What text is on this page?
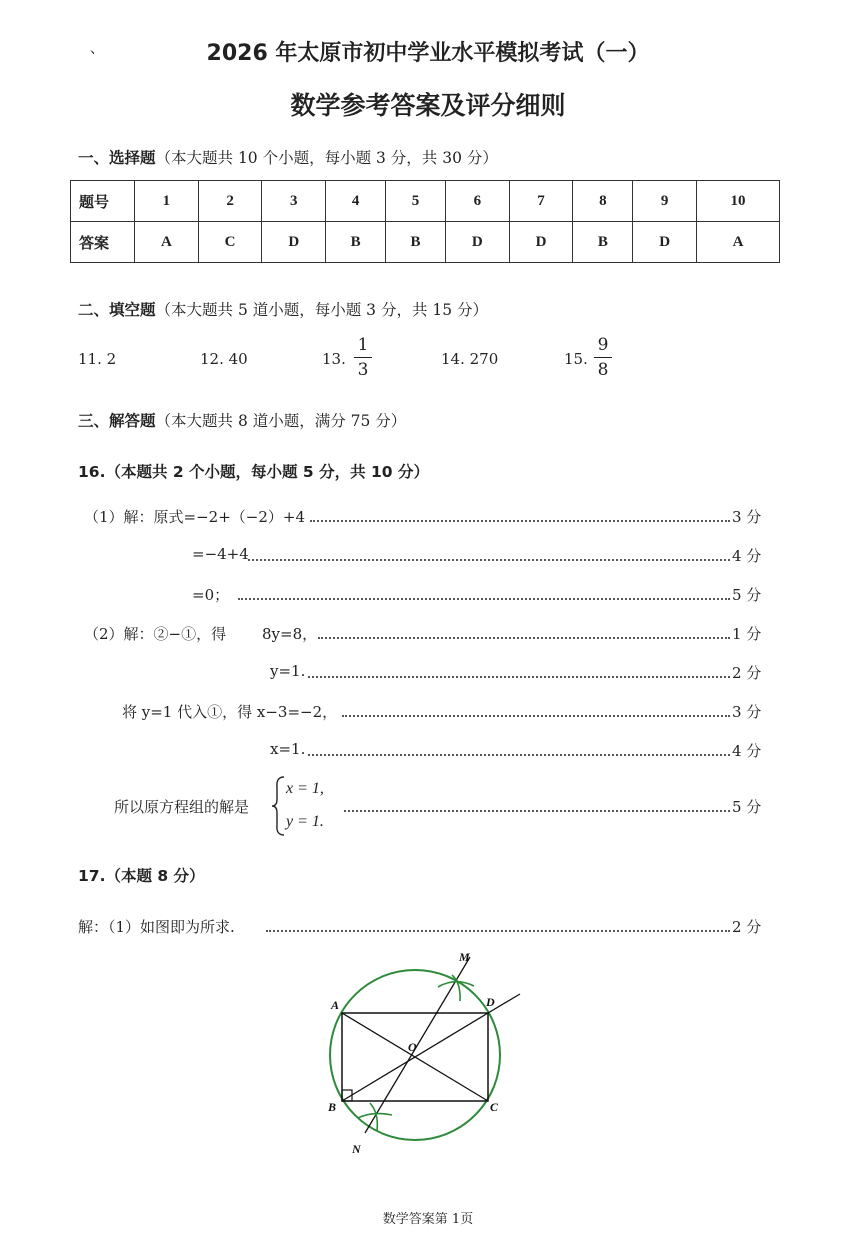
、	2026 年太原市初中学业水平模拟考试（一）
数学参考答案及评分细则
一、选择题（本大题共 10 个小题，每小题 3 分，共 30 分）
题号	1	2	3	4	5	6	7	8	9	10
答案	A	C	D	B	B	D	D	B	D	A
二、填空题（本大题共 5 道小题，每小题 3 分，共 15 分）
11. 2	12. 40	13.
1
3
14. 270	15.
9
8
三、解答题（本大题共 8 道小题，满分 75 分）
16.（本题共 2 个小题，每小题 5 分，共 10 分）
（1）解：原式=−2+（−2）+4	3 分
=−4+4	4 分
=0；	5 分
（2）解：②−①，得 8y=8，	1 分
y=1.	2 分
将 y=1 代入①，得 x−3=−2，	3 分
x=1.	4 分
所以原方程组的解是
x = 1,
y = 1.
5 分
17.（本题 8 分）
解：（1）如图即为所求.	2 分
A
B	C
D
O
M
N
数学答案第 1页
